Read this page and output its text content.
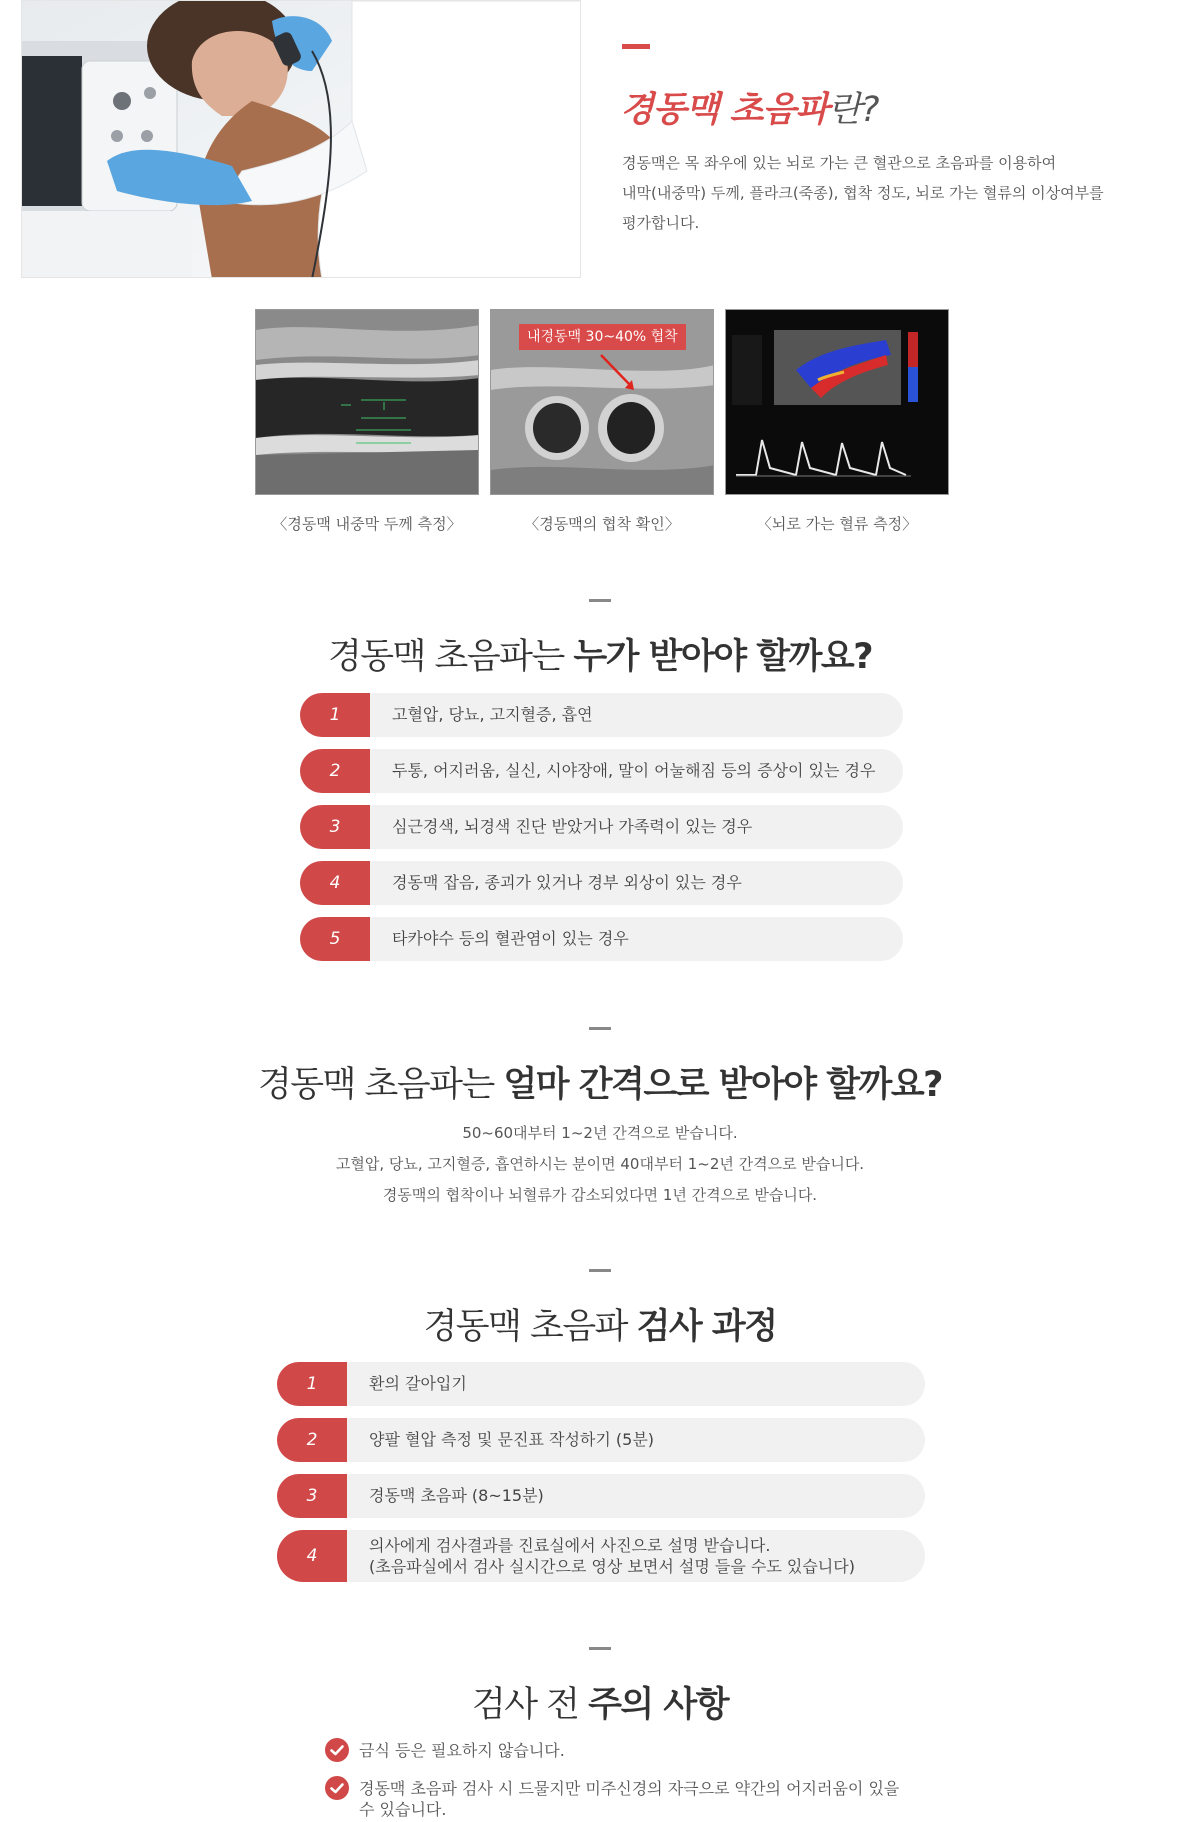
경동맥 초음파란?
경동맥은 목 좌우에 있는 뇌로 가는 큰 혈관으로 초음파를 이용하여
내막(내중막) 두께, 플라크(죽종), 협착 정도, 뇌로 가는 혈류의 이상여부를
평가합니다.
〈경동맥 내중막 두께 측정〉
내경동맥 30~40% 협착
〈경동맥의 협착 확인〉	〈뇌로 가는 혈류 측정〉
경동맥 초음파는 누가 받아야 할까요?
1	고혈압, 당뇨, 고지혈증, 흡연
2	두통, 어지러움, 실신, 시야장애, 말이 어눌해짐 등의 증상이 있는 경우
3	심근경색, 뇌경색 진단 받았거나 가족력이 있는 경우
4	경동맥 잡음, 종괴가 있거나 경부 외상이 있는 경우
5	타카야수 등의 혈관염이 있는 경우
경동맥 초음파는 얼마 간격으로 받아야 할까요?
50~60대부터 1~2년 간격으로 받습니다.
고혈압, 당뇨, 고지혈증, 흡연하시는 분이면 40대부터 1~2년 간격으로 받습니다.
경동맥의 협착이나 뇌혈류가 감소되었다면 1년 간격으로 받습니다.
경동맥 초음파 검사 과정
1	환의 갈아입기
2	양팔 혈압 측정 및 문진표 작성하기 (5분)
3	경동맥 초음파 (8~15분)
4
의사에게 검사결과를 진료실에서 사진으로 설명 받습니다.
(초음파실에서 검사 실시간으로 영상 보면서 설명 들을 수도 있습니다)
검사 전 주의 사항
금식 등은 필요하지 않습니다.
경동맥 초음파 검사 시 드물지만 미주신경의 자극으로 약간의 어지러움이 있을
수 있습니다.
